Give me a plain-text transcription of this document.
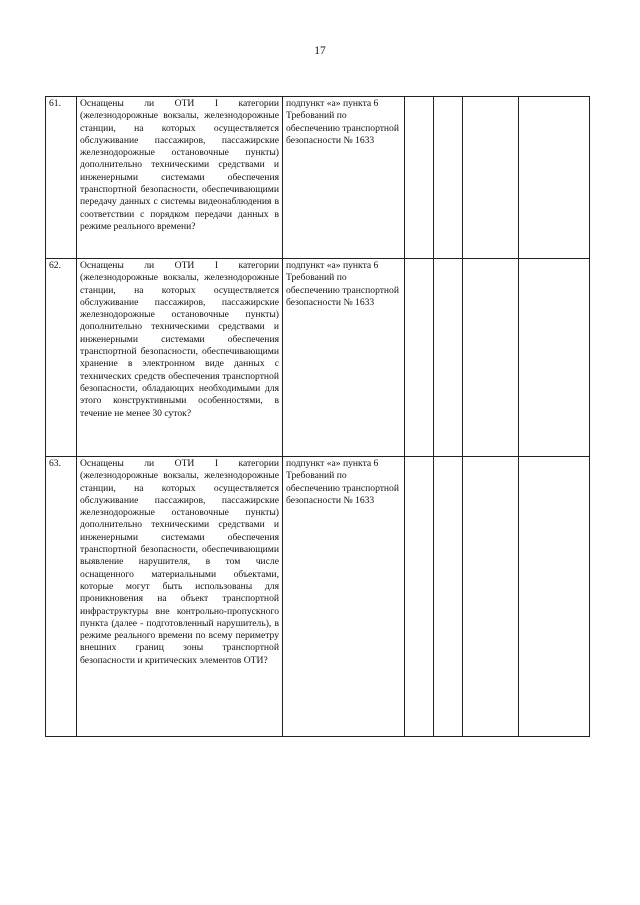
17
61.	Оснащены ли ОТИ I категории (железнодорожные вокзалы, железнодорожные станции, на которых осуществляется обслуживание пассажиров, пассажирские железнодорожные остановочные пункты) дополнительно техническими средствами и инженерными системами обеспечения транспортной безопасности, обеспечивающими передачу данных с системы видеонаблюдения в соответствии с порядком передачи данных в режиме реального времени?	подпункт «а» пункта 6 Требований по обеспечению транспортной безопасности № 1633				
62.	Оснащены ли ОТИ I категории (железнодорожные вокзалы, железнодорожные станции, на которых осуществляется обслуживание пассажиров, пассажирские железнодорожные остановочные пункты) дополнительно техническими средствами и инженерными системами обеспечения транспортной безопасности, обеспечивающими хранение в электронном виде данных с технических средств обеспечения транспортной безопасности, обладающих необходимыми для этого конструктивными особенностями, в течение не менее 30 суток?	подпункт «а» пункта 6 Требований по обеспечению транспортной безопасности № 1633				
63.	Оснащены ли ОТИ I категории (железнодорожные вокзалы, железнодорожные станции, на которых осуществляется обслуживание пассажиров, пассажирские железнодорожные остановочные пункты) дополнительно техническими средствами и инженерными системами обеспечения транспортной безопасности, обеспечивающими выявление нарушителя, в том числе оснащенного материальными объектами, которые могут быть использованы для проникновения на объект транспортной инфраструктуры вне контрольно-пропускного пункта (далее - подготовленный нарушитель), в режиме реального времени по всему периметру внешних границ зоны транспортной безопасности и критических элементов ОТИ?	подпункт «а» пункта 6 Требований по обеспечению транспортной безопасности № 1633				
